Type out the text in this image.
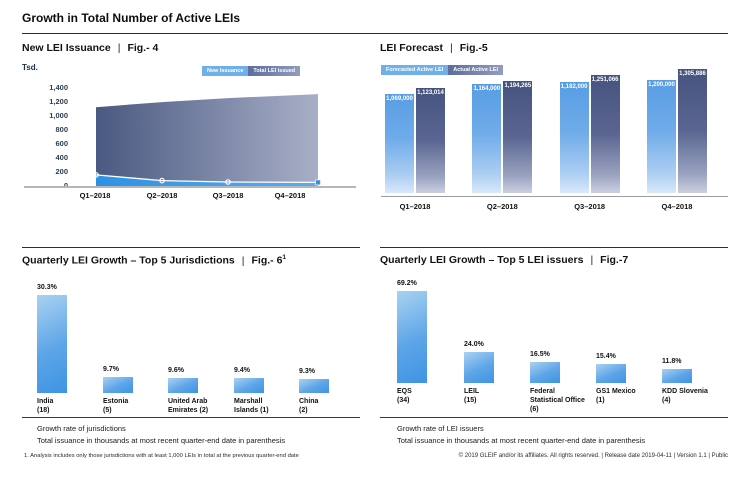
Growth in Total Number of Active LEIs
New LEI Issuance | Fig.- 4
Tsd.	New Issuance	Total LEI issued
1,400
1,200
1,000
800
600
400
200
0
Q1–2018	Q2–2018	Q3–2018	Q4–2018
LEI Forecast | Fig.-5
Forecasted Active LEI	Actual Active LEI
1,069,000
1,123,014
Q1–2018
1,164,000
1,194,265
Q2–2018
1,182,000
1,251,066
Q3–2018
1,200,000
1,305,886
Q4–2018
Quarterly LEI Growth – Top 5 Jurisdictions | Fig.- $6^1$
30.3%
India
(18)
9.7%
Estonia
(5)
9.6%
United Arab
Emirates (2)
9.4%
Marshall
Islands (1)
9.3%
China
(2)
Growth rate of jurisdictions
Total issuance in thousands at most recent quarter-end date in parenthesis
1. Analysis includes only those jurisdictions with at least 1,000 LEIs in total at the previous quarter-end date
Quarterly LEI Growth – Top 5 LEI issuers | Fig.-7
69.2%
EQS
(34)
24.0%
LEIL
(15)
16.5%
Federal
Statistical Office
(6)
15.4%
GS1 Mexico
(1)
11.8%
KDD Slovenia
(4)
Growth rate of LEI issuers
Total issuance in thousands at most recent quarter-end date in parenthesis
© 2019 GLEIF and/or its affiliates. All rights reserved. | Release date 2019-04-11 | Version 1.1 | Public
